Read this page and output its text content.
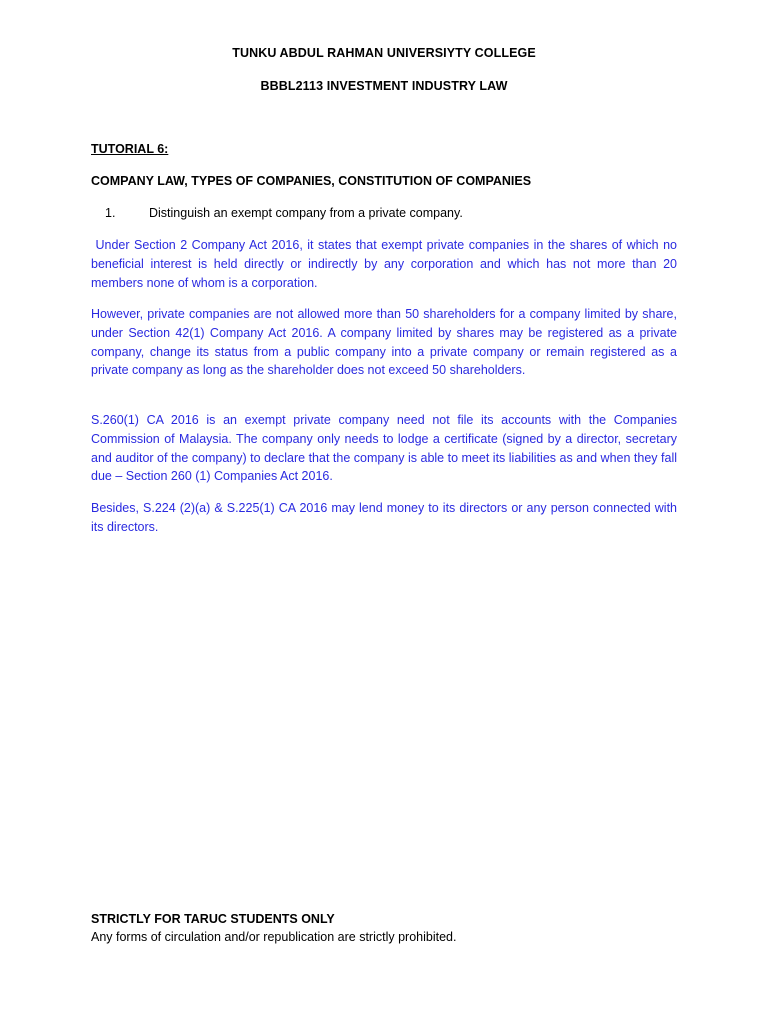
TUNKU ABDUL RAHMAN UNIVERSIYTY COLLEGE
BBBL2113 INVESTMENT INDUSTRY LAW
TUTORIAL 6:
COMPANY LAW, TYPES OF COMPANIES, CONSTITUTION OF COMPANIES
1.	Distinguish an exempt company from a private company.

Under Section 2 Company Act 2016, it states that exempt private companies in the shares of which no beneficial interest is held directly or indirectly by any corporation and which has not more than 20 members none of whom is a corporation.

However, private companies are not allowed more than 50 shareholders for a company limited by share, under Section 42(1) Company Act 2016. A company limited by shares may be registered as a private company, change its status from a public company into a private company or remain registered as a private company as long as the shareholder does not exceed 50 shareholders.

S.260(1) CA 2016 is an exempt private company need not file its accounts with the Companies Commission of Malaysia. The company only needs to lodge a certificate (signed by a director, secretary and auditor of the company) to declare that the company is able to meet its liabilities as and when they fall due – Section 260 (1) Companies Act 2016.

Besides, S.224 (2)(a) & S.225(1) CA 2016 may lend money to its directors or any person connected with its directors.

STRICTLY FOR TARUC STUDENTS ONLY
Any forms of circulation and/or republication are strictly prohibited.
